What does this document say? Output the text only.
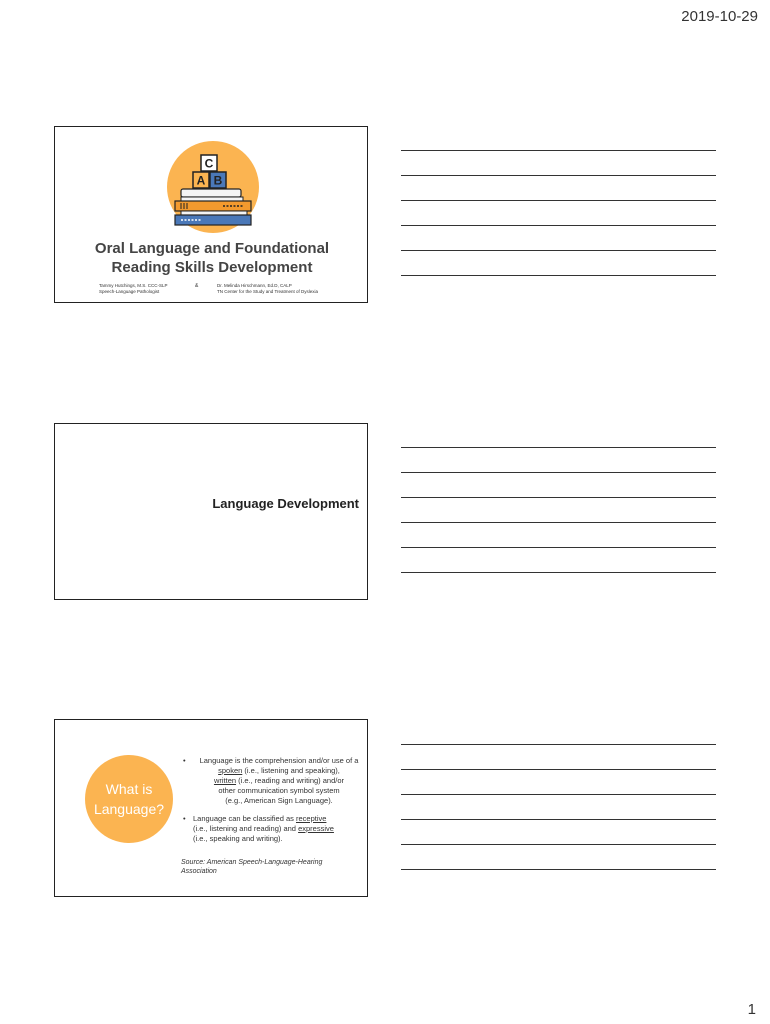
2019-10-29
C
A B
Oral Language and Foundational
Reading Skills Development
Tammy Hutchings, M.S. CCC-SLP
Speech-Language Pathologist
&	Dr. Melinda Hirschmann, Ed.D, CALP
TN Center for the Study and Treatment of Dyslexia
Language Development
What is
Language?
• Language is the comprehension and/or use of a
spoken (i.e., listening and speaking),
written (i.e., reading and writing) and/or
other communication symbol system
(e.g., American Sign Language).
• Language can be classified as receptive
(i.e., listening and reading) and expressive
(i.e., speaking and writing).
Source: American Speech-Language-Hearing Association
1
